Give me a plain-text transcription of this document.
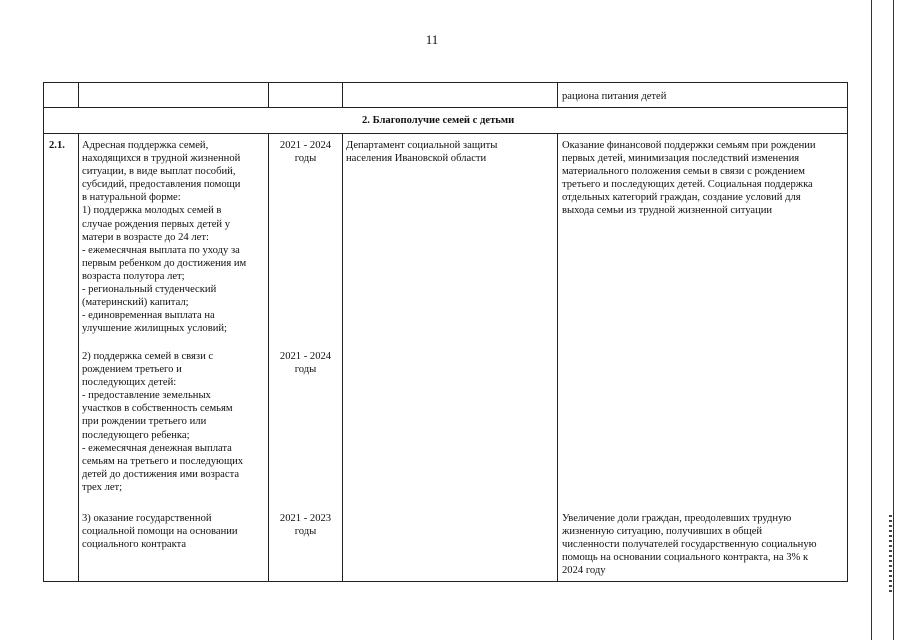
11
рациона питания детей
2. Благополучие семей с детьми
2.1. Адресная поддержка семей,
находящихся в трудной жизненной
ситуации, в виде выплат пособий,
субсидий, предоставления помощи
в натуральной форме:
1) поддержка молодых семей в
случае рождения первых детей у
матери в возрасте до 24 лет:
- ежемесячная выплата по уходу за
первым ребенком до достижения им
возраста полутора лет;
- региональный студенческий
(материнский) капитал;
- единовременная выплата на
улучшение жилищных условий;
2021 - 2024
годы
2) поддержка семей в связи с
рождением третьего и
последующих детей:
- предоставление земельных
участков в собственность семьям
при рождении третьего или
последующего ребенка;
- ежемесячная денежная выплата
семьям на третьего и последующих
детей до достижения ими возраста
трех лет;
2021 - 2024
годы
3) оказание государственной
социальной помощи на основании
социального контракта
2021 - 2023
годы
Департамент социальной защиты
населения Ивановской области
Оказание финансовой поддержки семьям при рождении
первых детей, минимизация последствий изменения
материального положения семьи в связи с рождением
третьего и последующих детей. Социальная поддержка
отдельных категорий граждан, создание условий для
выхода семьи из трудной жизненной ситуации
Увеличение доли граждан, преодолевших трудную
жизненную ситуацию, получивших в общей
численности получателей государственную социальную
помощь на основании социального контракта, на 3% к
2024 году
